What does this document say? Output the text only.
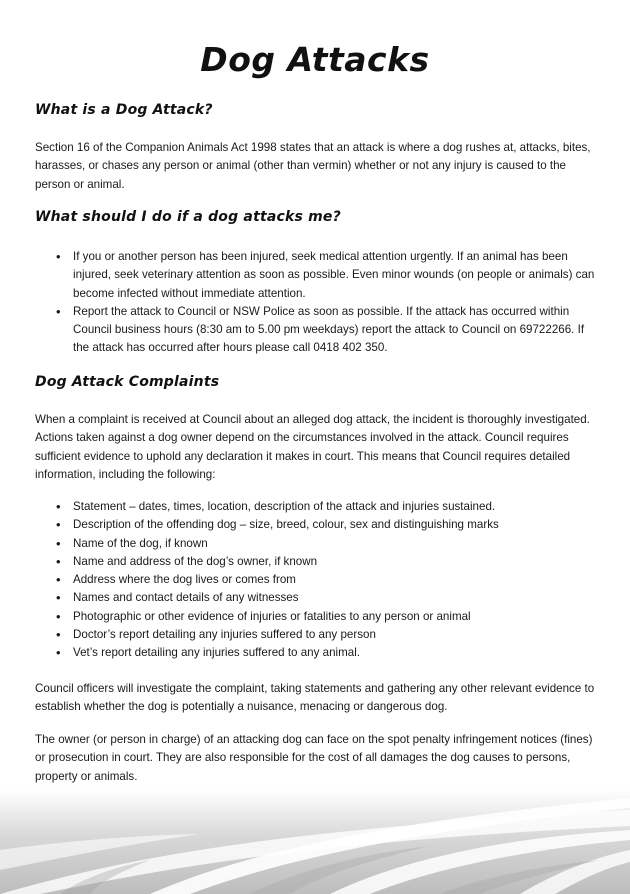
Dog Attacks
What is a Dog Attack?

Section 16 of the Companion Animals Act 1998 states that an attack is where a dog rushes at, attacks, bites, harasses, or chases any person or animal (other than vermin) whether or not any injury is caused to the person or animal.

What should I do if a dog attacks me?
• If you or another person has been injured, seek medical attention urgently. If an animal has been injured, seek veterinary attention as soon as possible. Even minor wounds (on people or animals) can become infected without immediate attention.
• Report the attack to Council or NSW Police as soon as possible. If the attack has occurred within Council business hours (8:30 am to 5.00 pm weekdays) report the attack to Council on 69722266. If the attack has occurred after hours please call 0418 402 350.
Dog Attack Complaints

When a complaint is received at Council about an alleged dog attack, the incident is thoroughly investigated. Actions taken against a dog owner depend on the circumstances involved in the attack. Council requires sufficient evidence to uphold any declaration it makes in court. This means that Council requires detailed information, including the following:

• Statement – dates, times, location, description of the attack and injuries sustained.
• Description of the offending dog – size, breed, colour, sex and distinguishing marks
• Name of the dog, if known
• Name and address of the dog’s owner, if known
• Address where the dog lives or comes from
• Names and contact details of any witnesses
• Photographic or other evidence of injuries or fatalities to any person or animal
• Doctor’s report detailing any injuries suffered to any person
• Vet’s report detailing any injuries suffered to any animal.

Council officers will investigate the complaint, taking statements and gathering any other relevant evidence to establish whether the dog is potentially a nuisance, menacing or dangerous dog.

The owner (or person in charge) of an attacking dog can face on the spot penalty infringement notices (fines) or prosecution in court. They are also responsible for the cost of all damages the dog causes to persons, property or animals.
